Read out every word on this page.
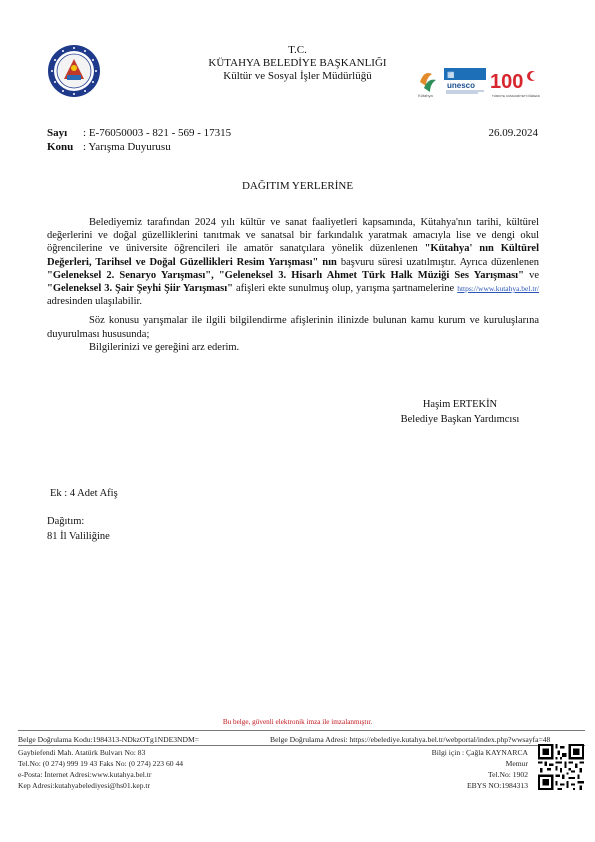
T.C.
KÜTAHYA BELEDİYE BAŞKANLIĞI
Kültür ve Sosyal İşler Müdürlüğü
Kütahya
▦
unesco 100
TÜRKİYE CUMHURİYETİ ÖĞRENCİSİ
Sayı : E-76050003 - 821 - 569 - 17315	26.09.2024
Konu : Yarışma Duyurusu
DAĞITIM YERLERİNE

Belediyemiz tarafından 2024 yılı kültür ve sanat faaliyetleri kapsamında, Kütahya'nın tarihi, kültürel değerlerini ve doğal güzelliklerini tanıtmak ve sanatsal bir farkındalık yaratmak amacıyla lise ve dengi okul öğrencilerine ve üniversite öğrencileri ile amatör sanatçılara yönelik düzenlenen "Kütahya' nın Kültürel Değerleri, Tarihsel ve Doğal Güzellikleri Resim Yarışması" nın başvuru süresi uzatılmıştır. Ayrıca düzenlenen "Geleneksel 2. Senaryo Yarışması", "Geleneksel 3. Hisarlı Ahmet Türk Halk Müziği Ses Yarışması" ve "Geleneksel 3. Şair Şeyhi Şiir Yarışması" afişleri ekte sunulmuş olup, yarışma şartnamelerine https://www.kutahya.bel.tr/ adresinden ulaşılabilir.

Söz konusu yarışmalar ile ilgili bilgilendirme afişlerinin ilinizde bulunan kamu kurum ve kuruluşlarına duyurulması hususunda;

Bilgilerinizi ve gereğini arz ederim.

Haşim ERTEKİN
Belediye Başkan Yardımcısı
Ek : 4 Adet Afiş
Dağıtım:
81 İl Valiliğine
Bu belge, güvenli elektronik imza ile imzalanmıştır.
Belge Doğrulama Kodu:1984313-NDkzOTg1NDE3NDM=	Belge Doğrulama Adresi: https://ebelediye.kutahya.bel.tr/webportal/index.php?wwsayfa=48
Gaybiefendi Mah. Atatürk Bulvarı No: 83
Tel.No: (0 274) 999 19 43 Faks No: (0 274) 223 60 44
e-Posta: İnternet Adresi:www.kutahya.bel.tr
Kep Adresi:kutahyabelediyesi@hs01.kep.tr
Bilgi için : Çağla KAYNARCA
Memur
Tel.No: 1902
EBYS NO:1984313
